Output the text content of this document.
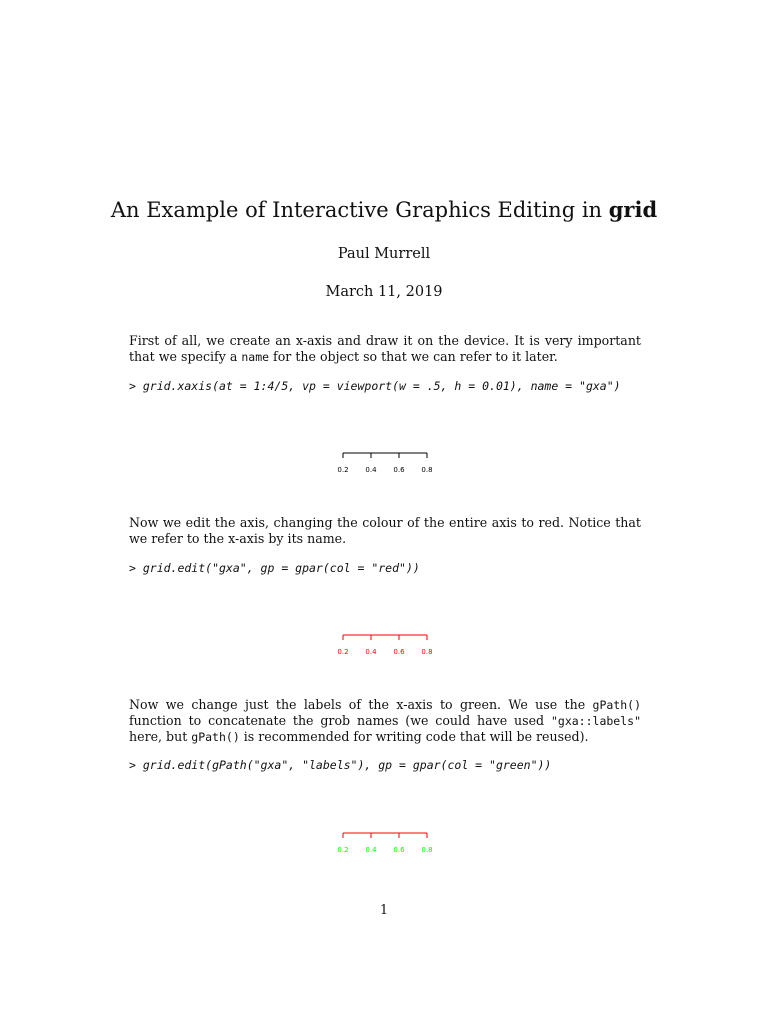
An Example of Interactive Graphics Editing in grid
Paul Murrell
March 11, 2019
First of all, we create an x-axis and draw it on the device. It is very important that we specify a name for the object so that we can refer to it later.
> grid.xaxis(at = 1:4/5, vp = viewport(w = .5, h = 0.01), name = "gxa")
0.2 0.4 0.6 0.8
Now we edit the axis, changing the colour of the entire axis to red. Notice that we refer to the x-axis by its name.
> grid.edit("gxa", gp = gpar(col = "red"))
0.2 0.4 0.6 0.8
Now we change just the labels of the x-axis to green. We use the gPath() function to concatenate the grob names (we could have used "gxa::labels" here, but gPath() is recommended for writing code that will be reused).
> grid.edit(gPath("gxa", "labels"), gp = gpar(col = "green"))
0.2 0.4 0.6 0.8
1
